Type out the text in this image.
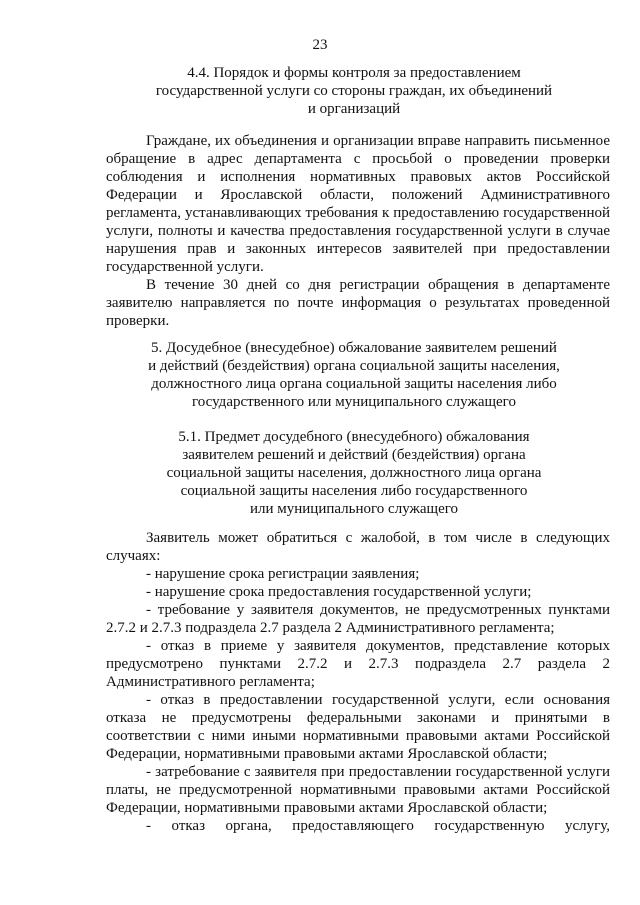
23
4.4. Порядок и формы контроля за предоставлением
государственной услуги со стороны граждан, их объединений
и организаций

Граждане, их объединения и организации вправе направить письменное обращение в адрес департамента с просьбой о проведении проверки соблюдения и исполнения нормативных правовых актов Российской Федерации и Ярославской области, положений Административного регламента, устанавливающих требования к предоставлению государственной услуги, полноты и качества предоставления государственной услуги в случае нарушения прав и законных интересов заявителей при предоставлении государственной услуги.

В течение 30 дней со дня регистрации обращения в департаменте заявителю направляется по почте информация о результатах проведенной проверки.

5. Досудебное (внесудебное) обжалование заявителем решений
и действий (бездействия) органа социальной защиты населения,
должностного лица органа социальной защиты населения либо
государственного или муниципального служащего
5.1. Предмет досудебного (внесудебного) обжалования
заявителем решений и действий (бездействия) органа
социальной защиты населения, должностного лица органа
социальной защиты населения либо государственного
или муниципального служащего

Заявитель может обратиться с жалобой, в том числе в следующих случаях:

- нарушение срока регистрации заявления;

- нарушение срока предоставления государственной услуги;

- требование у заявителя документов, не предусмотренных пунктами 2.7.2 и 2.7.3 подраздела 2.7 раздела 2 Административного регламента;

- отказ в приеме у заявителя документов, представление которых предусмотрено пунктами 2.7.2 и 2.7.3 подраздела 2.7 раздела 2 Административного регламента;

- отказ в предоставлении государственной услуги, если основания отказа не предусмотрены федеральными законами и принятыми в соответствии с ними иными нормативными правовыми актами Российской Федерации, нормативными правовыми актами Ярославской области;

- затребование с заявителя при предоставлении государственной услуги платы, не предусмотренной нормативными правовыми актами Российской Федерации, нормативными правовыми актами Ярославской области;

- отказ органа, предоставляющего государственную услугу,
